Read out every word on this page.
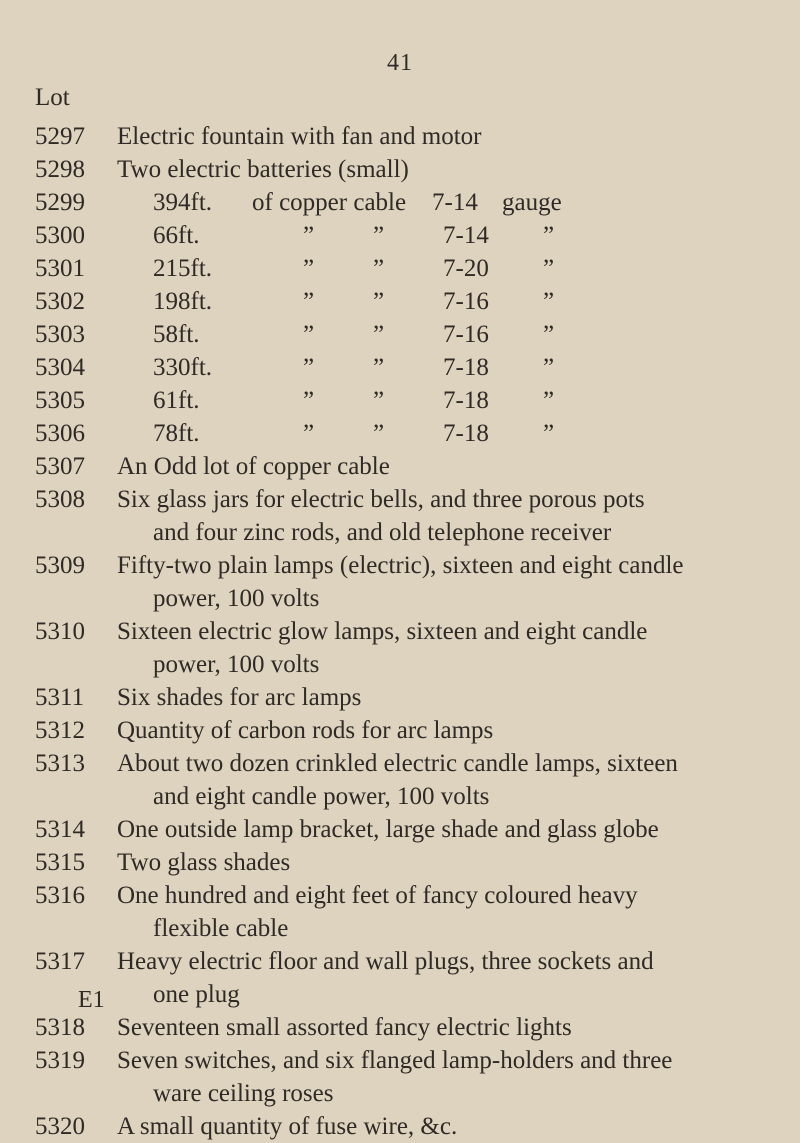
41
Lot
5297	Electric fountain with fan and motor
5298	Two electric batteries (small)
5299	394ft. of copper cable 7-14 gauge
5300	66ft.	” ” 7-14 ”
5301	215ft.	” ” 7-20 ”
5302	198ft.	” ” 7-16 ”
5303	58ft.	” ” 7-16 ”
5304	330ft.	” ” 7-18 ”
5305	61ft.	” ” 7-18 ”
5306	78ft.	” ” 7-18 ”
5307	An Odd lot of copper cable
5308	Six glass jars for electric bells, and three porous pots
and four zinc rods, and old telephone receiver
5309	Fifty-two plain lamps (electric), sixteen and eight candle
power, 100 volts
5310	Sixteen electric glow lamps, sixteen and eight candle
power, 100 volts
5311	Six shades for arc lamps
5312	Quantity of carbon rods for arc lamps
5313	About two dozen crinkled electric candle lamps, sixteen
and eight candle power, 100 volts
5314	One outside lamp bracket, large shade and glass globe
5315	Two glass shades
5316	One hundred and eight feet of fancy coloured heavy
flexible cable
5317	Heavy electric floor and wall plugs, three sockets and
one plug
5318	Seventeen small assorted fancy electric lights
5319	Seven switches, and six flanged lamp-holders and three
ware ceiling roses
5320	A small quantity of fuse wire, &c.
E1
